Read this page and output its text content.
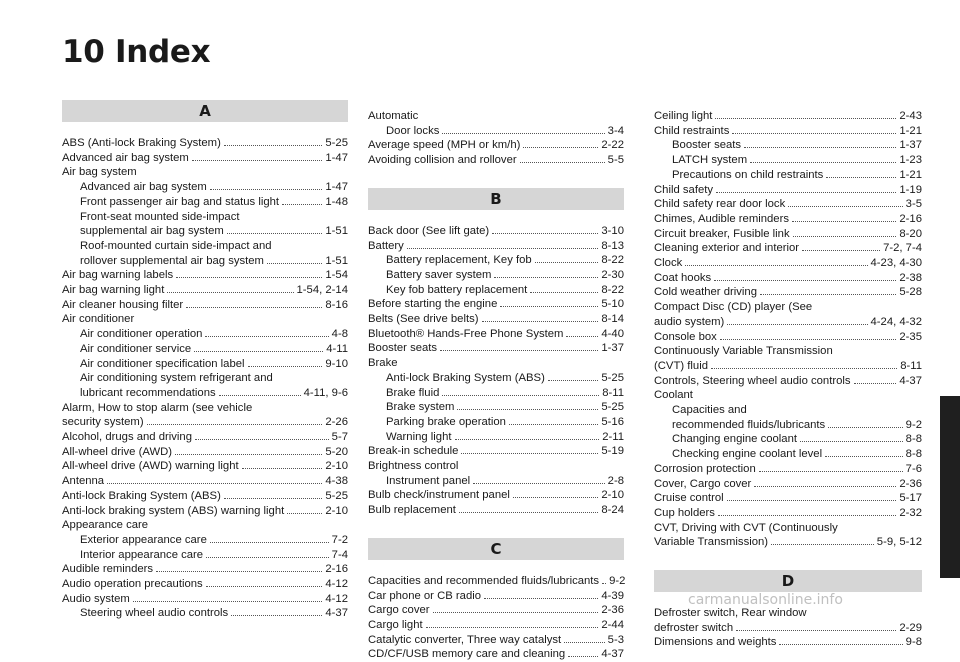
10 Index
A
ABS (Anti-lock Braking System)	5-25
Advanced air bag system	1-47
Air bag system
Advanced air bag system	1-47
Front passenger air bag and status light	1-48
Front-seat mounted side-impact
supplemental air bag system	1-51
Roof-mounted curtain side-impact and
rollover supplemental air bag system	1-51
Air bag warning labels	1-54
Air bag warning light	1-54, 2-14
Air cleaner housing filter	8-16
Air conditioner
Air conditioner operation	4-8
Air conditioner service	4-11
Air conditioner specification label	9-10
Air conditioning system refrigerant and
lubricant recommendations	4-11, 9-6
Alarm, How to stop alarm (see vehicle
security system)	2-26
Alcohol, drugs and driving	5-7
All-wheel drive (AWD)	5-20
All-wheel drive (AWD) warning light	2-10
Antenna	4-38
Anti-lock Braking System (ABS)	5-25
Anti-lock braking system (ABS) warning light	2-10
Appearance care
Exterior appearance care	7-2
Interior appearance care	7-4
Audible reminders	2-16
Audio operation precautions	4-12
Audio system	4-12
Steering wheel audio controls	4-37
Automatic
Door locks	3-4
Average speed (MPH or km/h)	2-22
Avoiding collision and rollover	5-5
B
Back door (See lift gate)	3-10
Battery	8-13
Battery replacement, Key fob	8-22
Battery saver system	2-30
Key fob battery replacement	8-22
Before starting the engine	5-10
Belts (See drive belts)	8-14
Bluetooth® Hands-Free Phone System	4-40
Booster seats	1-37
Brake
Anti-lock Braking System (ABS)	5-25
Brake fluid	8-11
Brake system	5-25
Parking brake operation	5-16
Warning light	2-11
Break-in schedule	5-19
Brightness control
Instrument panel	2-8
Bulb check/instrument panel	2-10
Bulb replacement	8-24
C
Capacities and recommended fluids/lubricants 9-2
Car phone or CB radio	4-39
Cargo cover	2-36
Cargo light	2-44
Catalytic converter, Three way catalyst	5-3
CD/CF/USB memory care and cleaning	4-37
Ceiling light	2-43
Child restraints	1-21
Booster seats	1-37
LATCH system	1-23
Precautions on child restraints	1-21
Child safety	1-19
Child safety rear door lock	3-5
Chimes, Audible reminders	2-16
Circuit breaker, Fusible link	8-20
Cleaning exterior and interior	7-2, 7-4
Clock	4-23, 4-30
Coat hooks	2-38
Cold weather driving	5-28
Compact Disc (CD) player (See
audio system)	4-24, 4-32
Console box	2-35
Continuously Variable Transmission
(CVT) fluid	8-11
Controls, Steering wheel audio controls	4-37
Coolant
Capacities and
recommended fluids/lubricants	9-2
Changing engine coolant	8-8
Checking engine coolant level	8-8
Corrosion protection	7-6
Cover, Cargo cover	2-36
Cruise control	5-17
Cup holders	2-32
CVT, Driving with CVT (Continuously
Variable Transmission)	5-9, 5-12
D
Defroster switch, Rear window
defroster switch	2-29
Dimensions and weights	9-8
carmanualsonline.info
